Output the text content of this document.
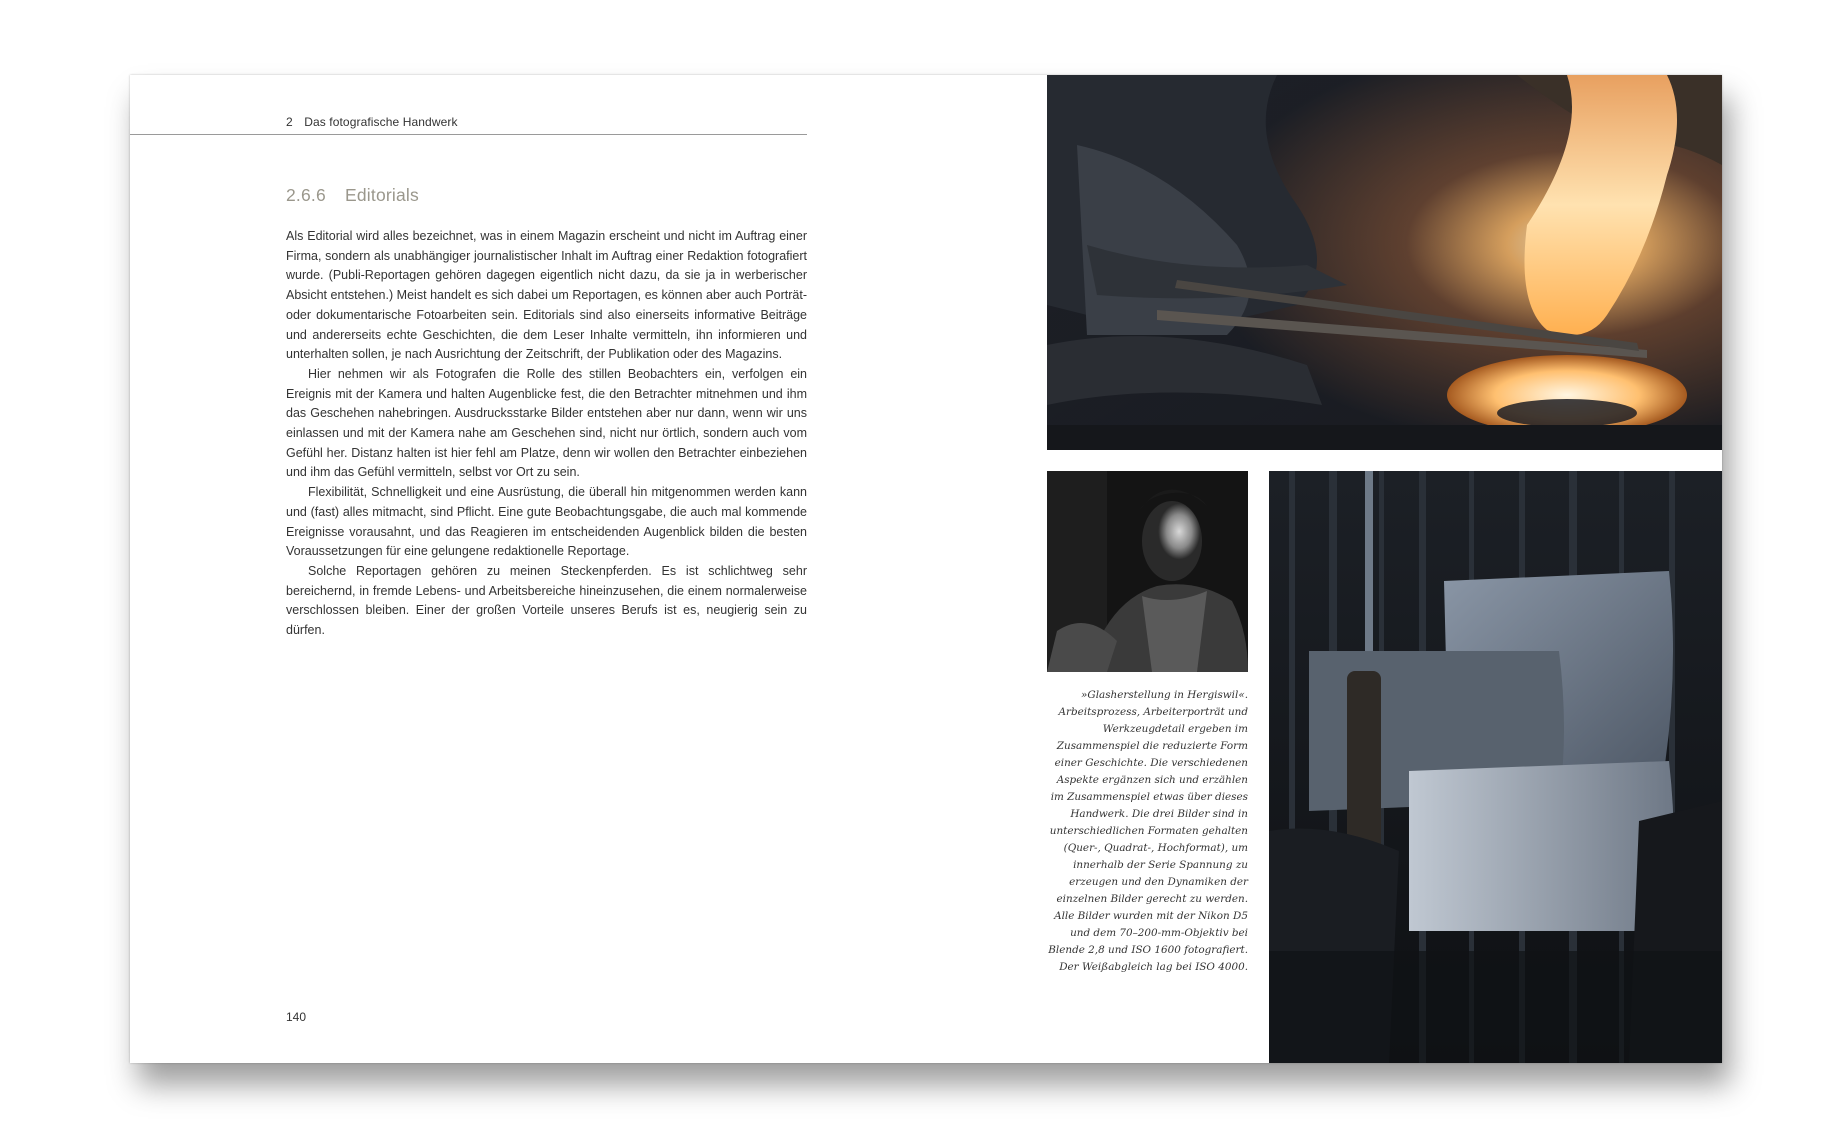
2 Das fotografische Handwerk
2.6.6 Editorials

Als Editorial wird alles bezeichnet, was in einem Magazin erscheint und nicht im Auftrag einer Firma, sondern als unabhängiger journalistischer Inhalt im Auftrag einer Redaktion fotografiert wurde. (Publi-Reportagen gehören dagegen eigentlich nicht dazu, da sie ja in werberischer Absicht entstehen.) Meist handelt es sich dabei um Reportagen, es können aber auch Porträt- oder dokumentarische Fotoarbeiten sein. Editorials sind also einerseits informative Beiträge und andererseits echte Geschichten, die dem Leser Inhalte vermitteln, ihn informieren und unterhalten sollen, je nach Ausrichtung der Zeitschrift, der Publikation oder des Magazins.

Hier nehmen wir als Fotografen die Rolle des stillen Beobachters ein, verfolgen ein Ereignis mit der Kamera und halten Augenblicke fest, die den Betrachter mitnehmen und ihm das Geschehen nahebringen. Ausdrucksstarke Bilder entstehen aber nur dann, wenn wir uns einlassen und mit der Kamera nahe am Geschehen sind, nicht nur örtlich, sondern auch vom Gefühl her. Distanz halten ist hier fehl am Platze, denn wir wollen den Betrachter einbeziehen und ihm das Gefühl vermitteln, selbst vor Ort zu sein.

Flexibilität, Schnelligkeit und eine Ausrüstung, die überall hin mitgenommen werden kann und (fast) alles mitmacht, sind Pflicht. Eine gute Beobachtungsgabe, die auch mal kommende Ereignisse vorausahnt, und das Reagieren im entscheidenden Augenblick bilden die besten Voraussetzungen für eine gelungene redaktionelle Reportage.

Solche Reportagen gehören zu meinen Steckenpferden. Es ist schlichtweg sehr bereichernd, in fremde Lebens- und Arbeitsbereiche hineinzusehen, die einem normalerweise verschlossen bleiben. Einer der großen Vorteile unseres Berufs ist es, neugierig sein zu dürfen.

140
»Glasherstellung in Hergiswil«. Arbeitsprozess, Arbeiterporträt und Werkzeugdetail ergeben im Zusammenspiel die reduzierte Form einer Geschichte. Die verschiedenen Aspekte ergänzen sich und erzählen im Zusammenspiel etwas über dieses Handwerk. Die drei Bilder sind in unterschiedlichen Formaten gehalten (Quer-, Quadrat-, Hochformat), um innerhalb der Serie Spannung zu erzeugen und den Dynamiken der einzelnen Bilder gerecht zu werden. Alle Bilder wurden mit der Nikon D5 und dem 70–200-mm-Objektiv bei Blende 2,8 und ISO 1600 fotografiert. Der Weißabgleich lag bei ISO 4000.
